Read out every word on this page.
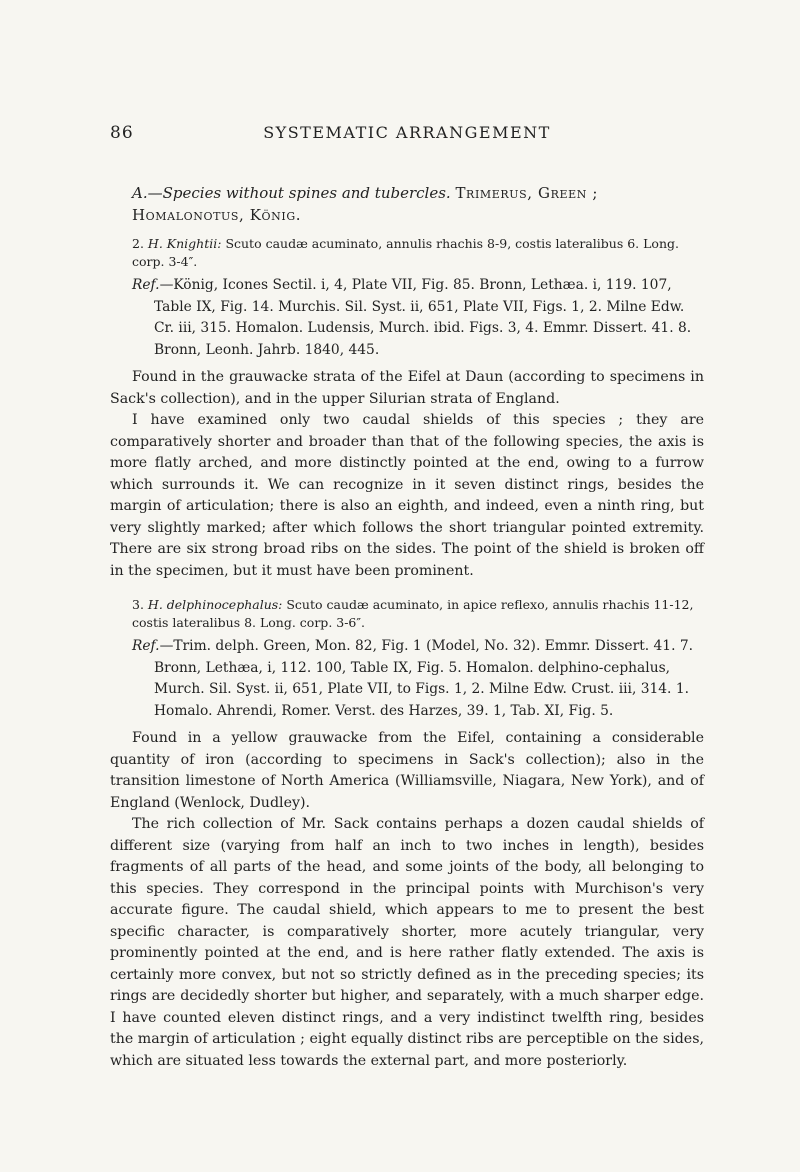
86	SYSTEMATIC ARRANGEMENT
A.—Species without spines and tubercles. Trimerus, Green ; Homalonotus, König.
2. H. Knightii: Scuto caudæ acuminato, annulis rhachis 8-9, costis lateralibus 6. Long. corp. 3-4″.
Ref.—König, Icones Sectil. i, 4, Plate VII, Fig. 85. Bronn, Lethæa. i, 119. 107, Table IX, Fig. 14. Murchis. Sil. Syst. ii, 651, Plate VII, Figs. 1, 2. Milne Edw. Cr. iii, 315. Homalon. Ludensis, Murch. ibid. Figs. 3, 4. Emmr. Dissert. 41. 8. Bronn, Leonh. Jahrb. 1840, 445.

Found in the grauwacke strata of the Eifel at Daun (according to specimens in Sack's collection), and in the upper Silurian strata of England.

I have examined only two caudal shields of this species ; they are comparatively shorter and broader than that of the following species, the axis is more flatly arched, and more distinctly pointed at the end, owing to a furrow which surrounds it. We can recognize in it seven distinct rings, besides the margin of articulation; there is also an eighth, and indeed, even a ninth ring, but very slightly marked; after which follows the short triangular pointed extremity. There are six strong broad ribs on the sides. The point of the shield is broken off in the specimen, but it must have been prominent.

3. H. delphinocephalus: Scuto caudæ acuminato, in apice reflexo, annulis rhachis 11-12, costis lateralibus 8. Long. corp. 3-6″.
Ref.—Trim. delph. Green, Mon. 82, Fig. 1 (Model, No. 32). Emmr. Dissert. 41. 7. Bronn, Lethæa, i, 112. 100, Table IX, Fig. 5. Homalon. delphino-cephalus, Murch. Sil. Syst. ii, 651, Plate VII, to Figs. 1, 2. Milne Edw. Crust. iii, 314. 1. Homalo. Ahrendi, Romer. Verst. des Harzes, 39. 1, Tab. XI, Fig. 5.

Found in a yellow grauwacke from the Eifel, containing a considerable quantity of iron (according to specimens in Sack's collection); also in the transition limestone of North America (Williamsville, Niagara, New York), and of England (Wenlock, Dudley).

The rich collection of Mr. Sack contains perhaps a dozen caudal shields of different size (varying from half an inch to two inches in length), besides fragments of all parts of the head, and some joints of the body, all belonging to this species. They correspond in the principal points with Murchison's very accurate figure. The caudal shield, which appears to me to present the best specific character, is comparatively shorter, more acutely triangular, very prominently pointed at the end, and is here rather flatly extended. The axis is certainly more convex, but not so strictly defined as in the preceding species; its rings are decidedly shorter but higher, and separately, with a much sharper edge. I have counted eleven distinct rings, and a very indistinct twelfth ring, besides the margin of articulation ; eight equally distinct ribs are perceptible on the sides, which are situated less towards the external part, and more posteriorly.
